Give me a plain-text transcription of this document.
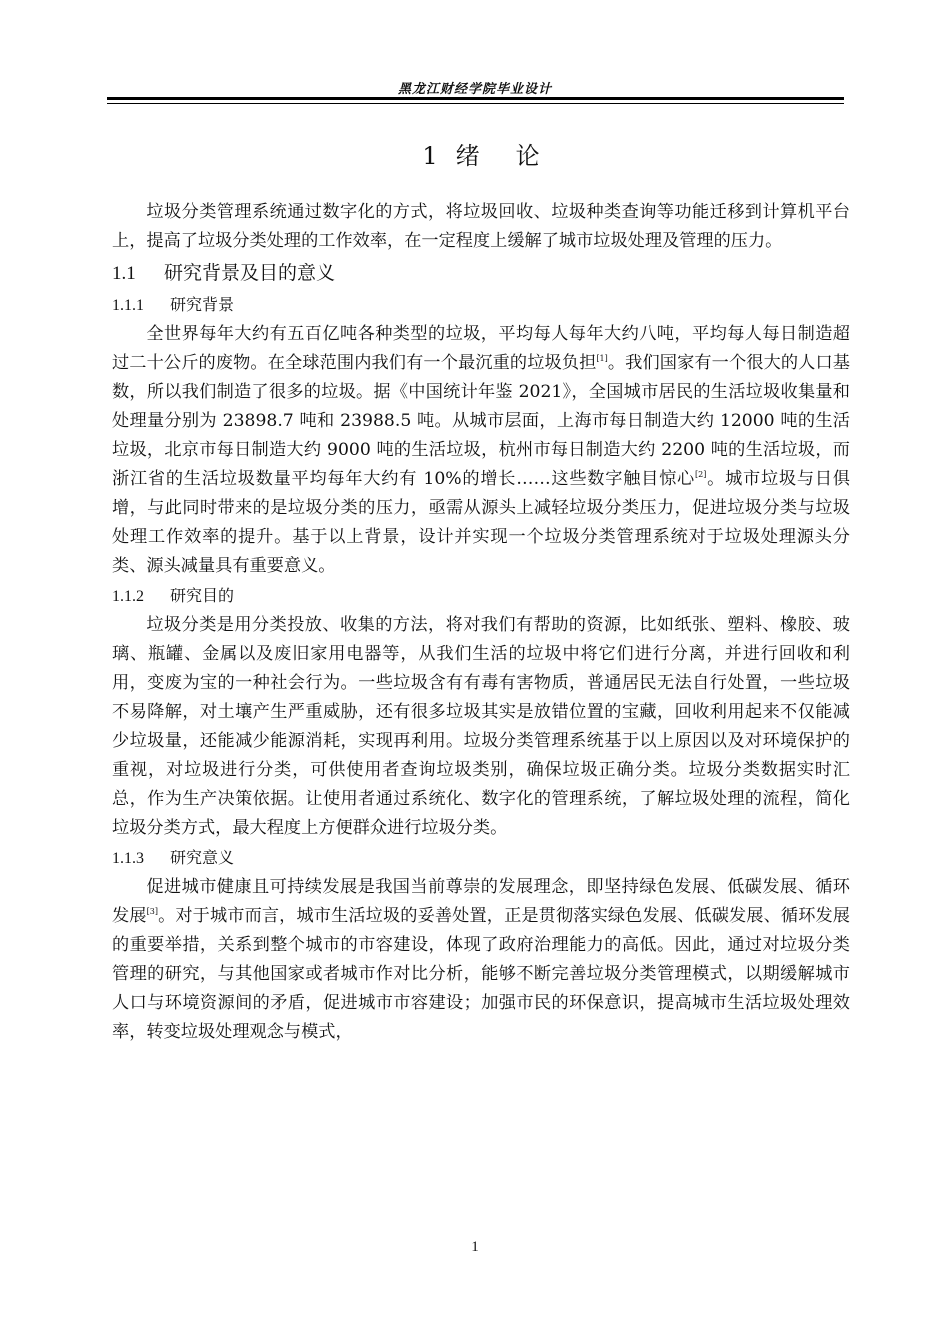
黑龙江财经学院毕业设计
1 绪 论

垃圾分类管理系统通过数字化的方式，将垃圾回收、垃圾种类查询等功能迁移到计算机平台上，提高了垃圾分类处理的工作效率，在一定程度上缓解了城市垃圾处理及管理的压力。

1.1 研究背景及目的意义
1.1.1 研究背景

全世界每年大约有五百亿吨各种类型的垃圾，平均每人每年大约八吨，平均每人每日制造超过二十公斤的废物。在全球范围内我们有一个最沉重的垃圾负担[1]。我们国家有一个很大的人口基数，所以我们制造了很多的垃圾。据《中国统计年鉴 2021》，全国城市居民的生活垃圾收集量和处理量分别为 23898.7 吨和 23988.5 吨。从城市层面，上海市每日制造大约 12000 吨的生活垃圾，北京市每日制造大约 9000 吨的生活垃圾，杭州市每日制造大约 2200 吨的生活垃圾，而浙江省的生活垃圾数量平均每年大约有 10%的增长……这些数字触目惊心[2]。城市垃圾与日俱增，与此同时带来的是垃圾分类的压力，亟需从源头上减轻垃圾分类压力，促进垃圾分类与垃圾处理工作效率的提升。基于以上背景，设计并实现一个垃圾分类管理系统对于垃圾处理源头分类、源头减量具有重要意义。

1.1.2 研究目的

垃圾分类是用分类投放、收集的方法，将对我们有帮助的资源，比如纸张、塑料、橡胶、玻璃、瓶罐、金属以及废旧家用电器等，从我们生活的垃圾中将它们进行分离，并进行回收和利用，变废为宝的一种社会行为。一些垃圾含有有毒有害物质，普通居民无法自行处置，一些垃圾不易降解，对土壤产生严重威胁，还有很多垃圾其实是放错位置的宝藏，回收利用起来不仅能减少垃圾量，还能减少能源消耗，实现再利用。垃圾分类管理系统基于以上原因以及对环境保护的重视，对垃圾进行分类，可供使用者查询垃圾类别，确保垃圾正确分类。垃圾分类数据实时汇总，作为生产决策依据。让使用者通过系统化、数字化的管理系统，了解垃圾处理的流程，简化垃圾分类方式，最大程度上方便群众进行垃圾分类。

1.1.3 研究意义

促进城市健康且可持续发展是我国当前尊崇的发展理念，即坚持绿色发展、低碳发展、循环发展[3]。对于城市而言，城市生活垃圾的妥善处置，正是贯彻落实绿色发展、低碳发展、循环发展的重要举措，关系到整个城市的市容建设，体现了政府治理能力的高低。因此，通过对垃圾分类管理的研究，与其他国家或者城市作对比分析，能够不断完善垃圾分类管理模式，以期缓解城市人口与环境资源间的矛盾，促进城市市容建设；加强市民的环保意识，提高城市生活垃圾处理效率，转变垃圾处理观念与模式，

1
